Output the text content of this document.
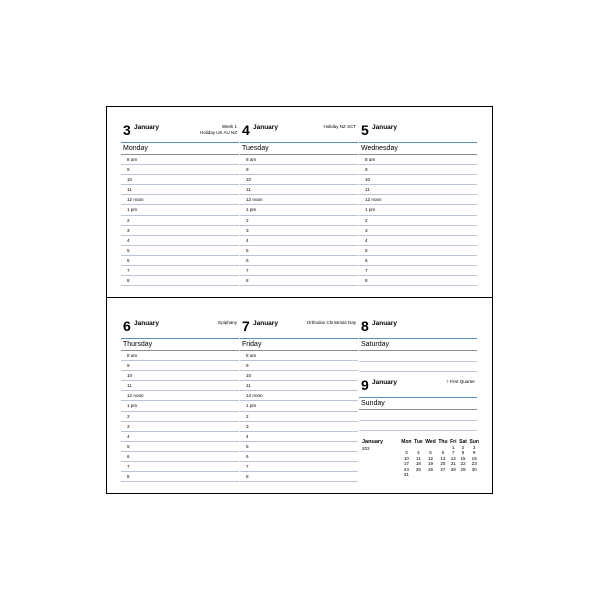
3 January	Week 1
Holiday UK AU NZ
Monday
8 am
9
10
11
12 noon
1 pm
2
3
4
5
6
7
8
4 January	Holiday NZ SCT
Tuesday
8 am
9
10
11
12 noon
1 pm
2
3
4
5
6
7
8
5 January
Wednesday
8 am
9
10
11
12 noon
1 pm
2
3
4
5
6
7
8
6 January	Epiphany
Thursday
8 am
9
10
11
12 noon
1 pm
2
3
4
5
6
7
8
7 January	Orthodox Christmas Day
Friday
8 am
9
10
11
12 noon
1 pm
2
3
4
5
6
7
8
8 January
Saturday
9 January	☽ First Quarter
Sunday
January
202
Mon	Tue	Wed	Thu	Fri	Sat	Sun
				1	2	3
3	4	5	6	7	8	9
10	11	12	13	14	15	16
17	18	19	20	21	22	23
24	25	26	27	28	29	30
31						
